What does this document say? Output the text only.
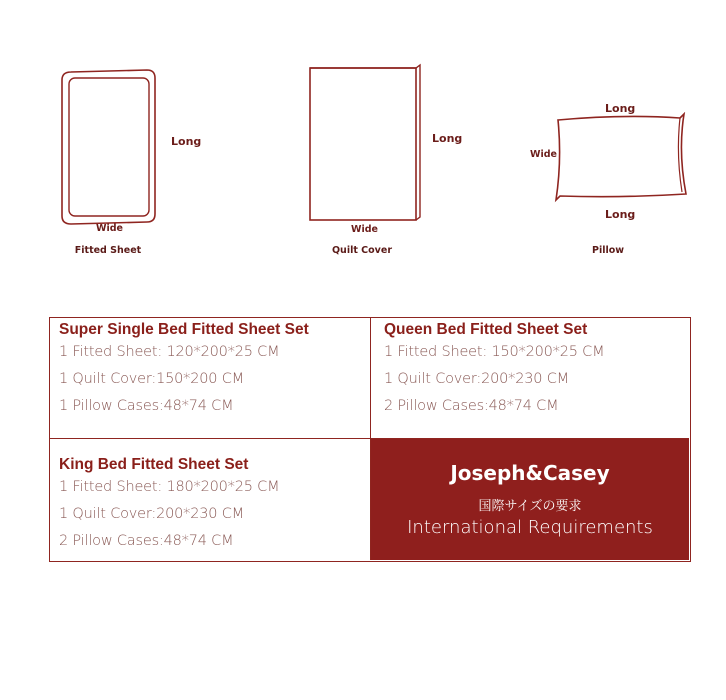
Long
Wide
Fitted Sheet
Long
Wide
Quilt Cover
Long
Wide
Long
Pillow
Super Single Bed Fitted Sheet Set
1 Fitted Sheet: 120*200*25 CM
1 Quilt Cover:150*200 CM
1 Pillow Cases:48*74 CM
Queen Bed Fitted Sheet Set
1 Fitted Sheet: 150*200*25 CM
1 Quilt Cover:200*230 CM
2 Pillow Cases:48*74 CM
King Bed Fitted Sheet Set
1 Fitted Sheet: 180*200*25 CM
1 Quilt Cover:200*230 CM
2 Pillow Cases:48*74 CM
Joseph&Casey
国際サイズの要求
International Requirements
